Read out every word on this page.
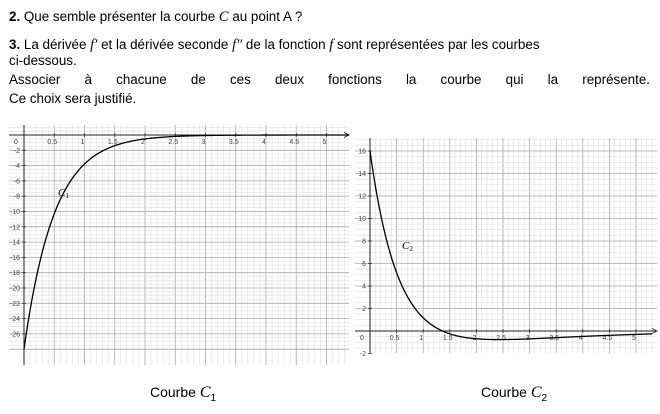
2. Que semble présenter la courbe C au point A ?
3. La dérivée f′ et la dérivée seconde f″ de la fonction f sont représentées par les courbes
ci-dessous.
Associer à chacune de ces deux fonctions la courbe qui la représente.
Ce choix sera justifié.
0.5	1	1.5	2	2.5	3	3.5	4	4.5	5
0
-2
-4
-6
-8
-10
-12
-14
-16
-18
-20
-22
-24
-26
C1
0.5	1	1.5	2	2.5	3	3.5	4	4.5	5
0
16
14
12
10
8
6
4
2
-2
C2
Courbe $C_1$	Courbe $C_2$
